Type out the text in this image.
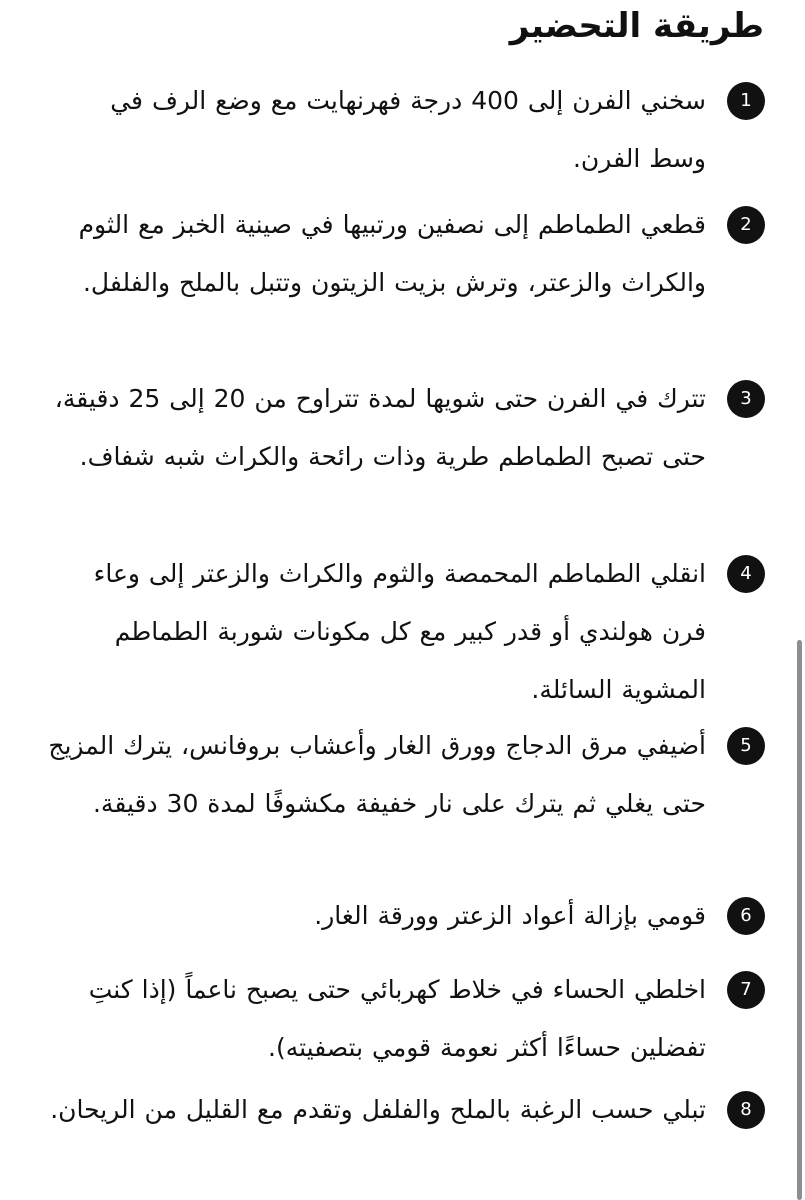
طريقة التحضير
1
سخني الفرن إلى 400 درجة فهرنهايت مع وضع الرف في وسط الفرن.
2
قطعي الطماطم إلى نصفين ورتبيها في صينية الخبز مع الثوم والكراث والزعتر، وترش بزيت الزيتون وتتبل بالملح والفلفل.
3
تترك في الفرن حتى شويها لمدة تتراوح من 20 إلى 25 دقيقة، حتى تصبح الطماطم طرية وذات رائحة والكراث شبه شفاف.
4
انقلي الطماطم المحمصة والثوم والكراث والزعتر إلى وعاء فرن هولندي أو قدر كبير مع كل مكونات شوربة الطماطم المشوية السائلة.
5
أضيفي مرق الدجاج وورق الغار وأعشاب بروفانس، يترك المزيج حتى يغلي ثم يترك على نار خفيفة مكشوفًا لمدة 30 دقيقة.
6
قومي بإزالة أعواد الزعتر وورقة الغار.
7
اخلطي الحساء في خلاط كهربائي حتى يصبح ناعماً (إذا كنتِ تفضلين حساءًا أكثر نعومة قومي بتصفيته).
8
تبلي حسب الرغبة بالملح والفلفل وتقدم مع القليل من الريحان.
